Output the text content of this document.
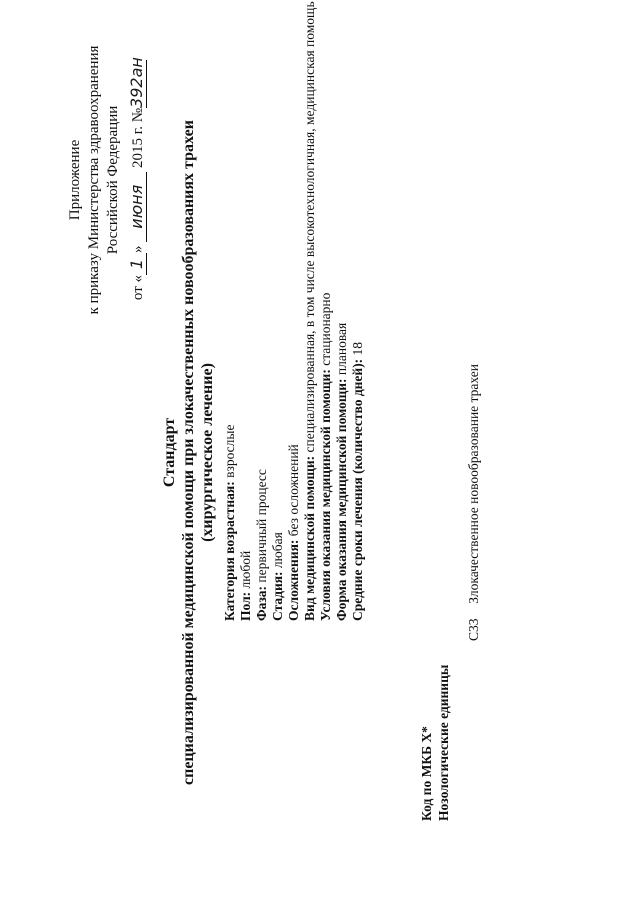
Приложение к приказу Министерства здравоохранения Российской Федерации
от «1» июня 2015 г. №392ан
Стандарт специализированной медицинской помощи при злокачественных новообразованиях трахеи (хирургическое лечение)
Категория возрастная: взрослые
Пол: любой
Фаза: первичный процесс
Стадия: любая Осложнения: без осложнений Вид медицинской помощи: специализированная, в том числе высокотехнологичная, медицинская помощь
Условия оказания медицинской помощи: стационарно
Форма оказания медицинской помощи: плановая
Средние сроки лечения (количество дней): 18
Код по МКБ X* Нозологические единицы
C33  Злокачественное новообразование трахеи
